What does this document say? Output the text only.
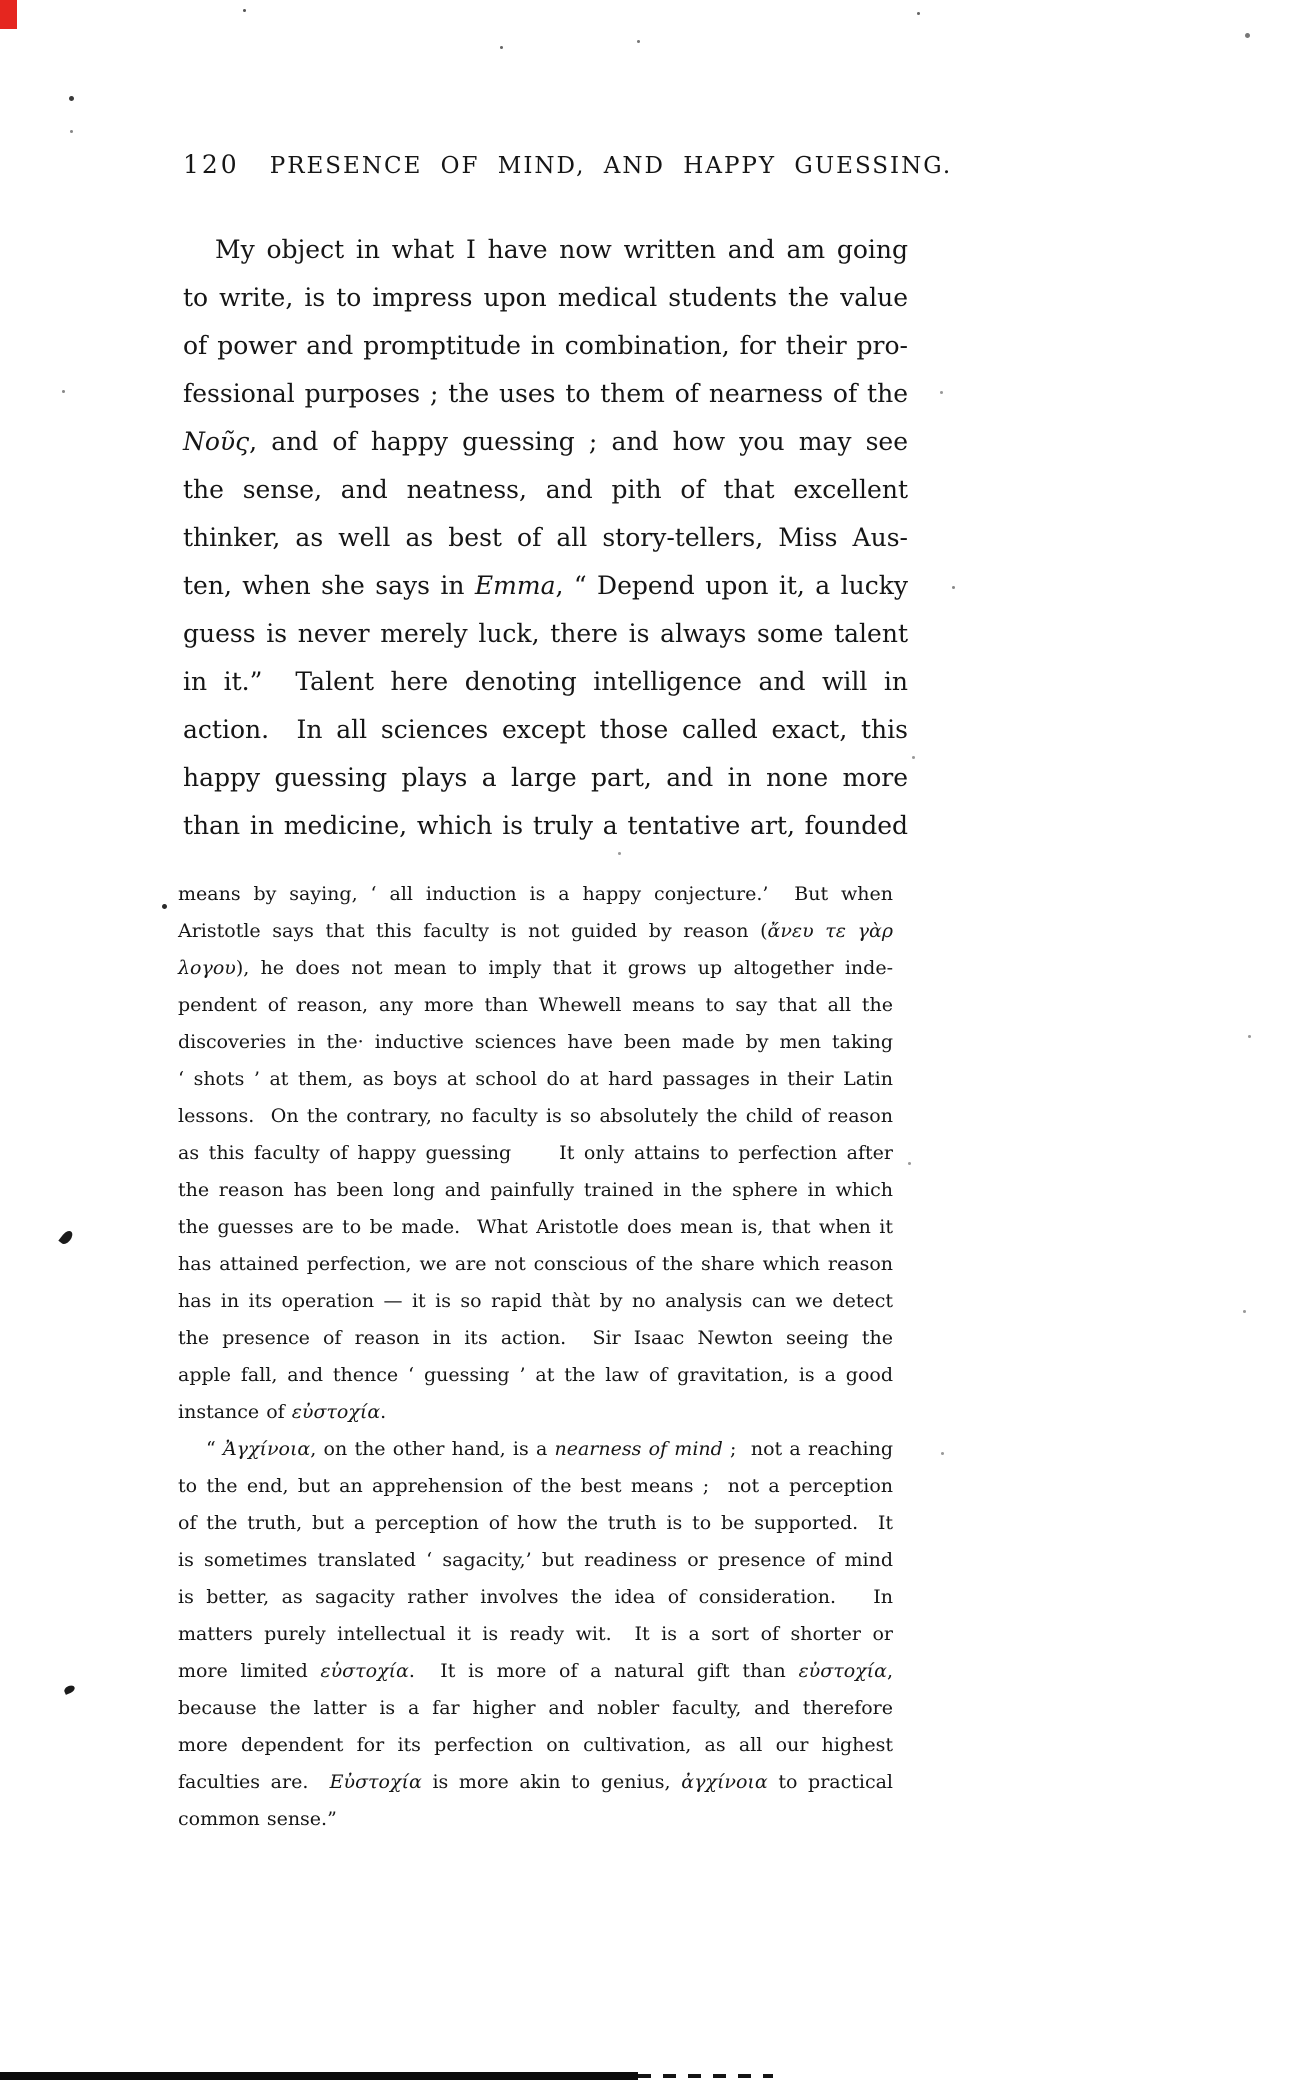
120 PRESENCE OF MIND, AND HAPPY GUESSING.
My object in what I have now written and am going
to write, is to impress upon medical students the value
of power and promptitude in combination, for their pro-
fessional purposes ; the uses to them of nearness of the
Νοῦς, and of happy guessing ; and how you may see
the sense, and neatness, and pith of that excellent
thinker, as well as best of all story-tellers, Miss Aus-
ten, when she says in Emma, “ Depend upon it, a lucky
guess is never merely luck, there is always some talent
in it.”  Talent here denoting intelligence and will in
action.  In all sciences except those called exact, this
happy guessing plays a large part, and in none more
than in medicine, which is truly a tentative art, founded
means by saying, ‘ all induction is a happy conjecture.’  But when
Aristotle says that this faculty is not guided by reason (ἄνευ τε γὰρ
λογου), he does not mean to imply that it grows up altogether inde-
pendent of reason, any more than Whewell means to say that all the
discoveries in the· inductive sciences have been made by men taking
‘ shots ’ at them, as boys at school do at hard passages in their Latin
lessons.  On the contrary, no faculty is so absolutely the child of reason
as this faculty of happy guessing     It only attains to perfection after
the reason has been long and painfully trained in the sphere in which
the guesses are to be made.  What Aristotle does mean is, that when it
has attained perfection, we are not conscious of the share which reason
has in its operation — it is so rapid thàt by no analysis can we detect
the presence of reason in its action.  Sir Isaac Newton seeing the
apple fall, and thence ‘ guessing ’ at the law of gravitation, is a good
instance of εὐστοχία.
“ Ἀγχίνοια, on the other hand, is a nearness of mind ;  not a reaching
to the end, but an apprehension of the best means ;  not a perception
of the truth, but a perception of how the truth is to be supported.  It
is sometimes translated ‘ sagacity,’ but readiness or presence of mind
is better, as sagacity rather involves the idea of consideration.   In
matters purely intellectual it is ready wit.  It is a sort of shorter or
more limited εὐστοχία.  It is more of a natural gift than εὐστοχία,
because the latter is a far higher and nobler faculty, and therefore
more dependent for its perfection on cultivation, as all our highest
faculties are.  Εὐστοχία is more akin to genius, ἀγχίνοια to practical
common sense.”
